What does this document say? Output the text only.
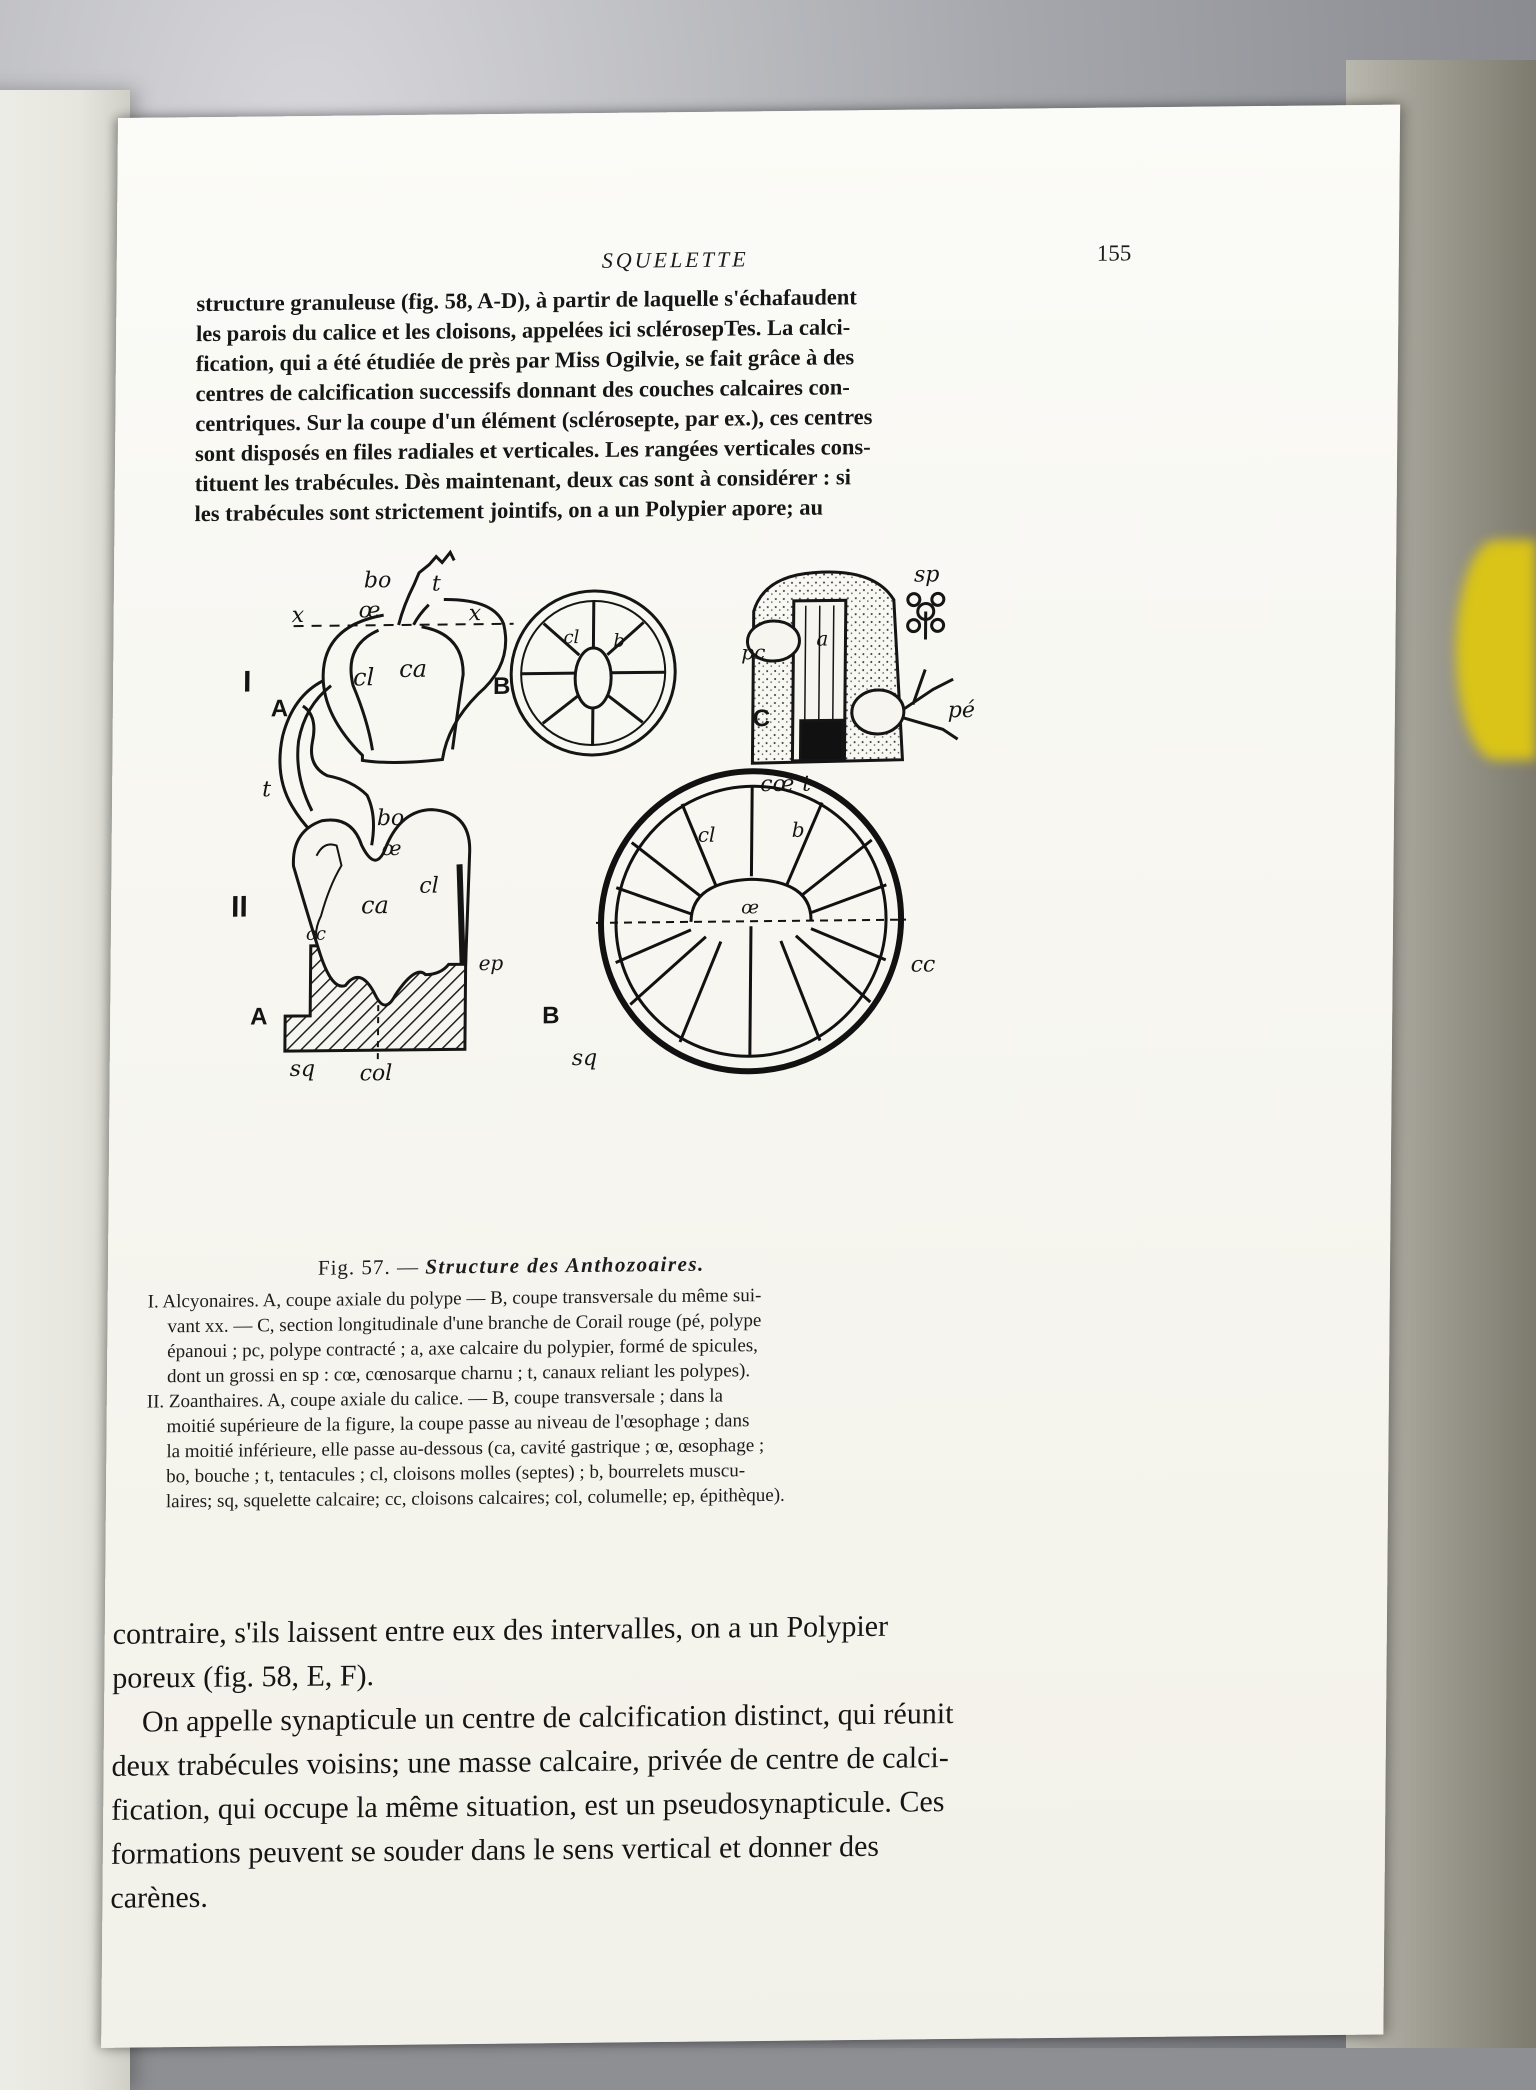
SQUELETTE	155

structure granuleuse (fig. 58, A-D), à partir de laquelle s'échafaudent

les parois du calice et les cloisons, appelées ici sclérosepTes. La calci-

fication, qui a été étudiée de près par Miss Ogilvie, se fait grâce à des

centres de calcification successifs donnant des couches calcaires con-

centriques. Sur la coupe d'un élément (sclérosepte, par ex.), ces centres

sont disposés en files radiales et verticales. Les rangées verticales cons-

tituent les trabécules. Dès maintenant, deux cas sont à considérer : si

les trabécules sont strictement jointifs, on a un Polypier apore; au

bo t
x œ	x
cl ca
I
A
t
cl b
B
sp
pc
a
pé
C
cœ t
bo
œ
ca
cl
cc
ep
II
A
sq col
œ
cl	b
cc
B
sq
Fig. 57. — Structure des Anthozoaires.

I. Alcyonaires. A, coupe axiale du polype — B, coupe transversale du même sui-

vant xx. — C, section longitudinale d'une branche de Corail rouge (pé, polype

épanoui ; pc, polype contracté ; a, axe calcaire du polypier, formé de spicules,

dont un grossi en sp : cœ, cœnosarque charnu ; t, canaux reliant les polypes).

II. Zoanthaires. A, coupe axiale du calice. — B, coupe transversale ; dans la

moitié supérieure de la figure, la coupe passe au niveau de l'œsophage ; dans

la moitié inférieure, elle passe au-dessous (ca, cavité gastrique ; œ, œsophage ;

bo, bouche ; t, tentacules ; cl, cloisons molles (septes) ; b, bourrelets muscu-

laires; sq, squelette calcaire; cc, cloisons calcaires; col, columelle; ep, épithèque).

contraire, s'ils laissent entre eux des intervalles, on a un Polypier

poreux (fig. 58, E, F).

On appelle synapticule un centre de calcification distinct, qui réunit

deux trabécules voisins; une masse calcaire, privée de centre de calci-

fication, qui occupe la même situation, est un pseudosynapticule. Ces

formations peuvent se souder dans le sens vertical et donner des

carènes.
